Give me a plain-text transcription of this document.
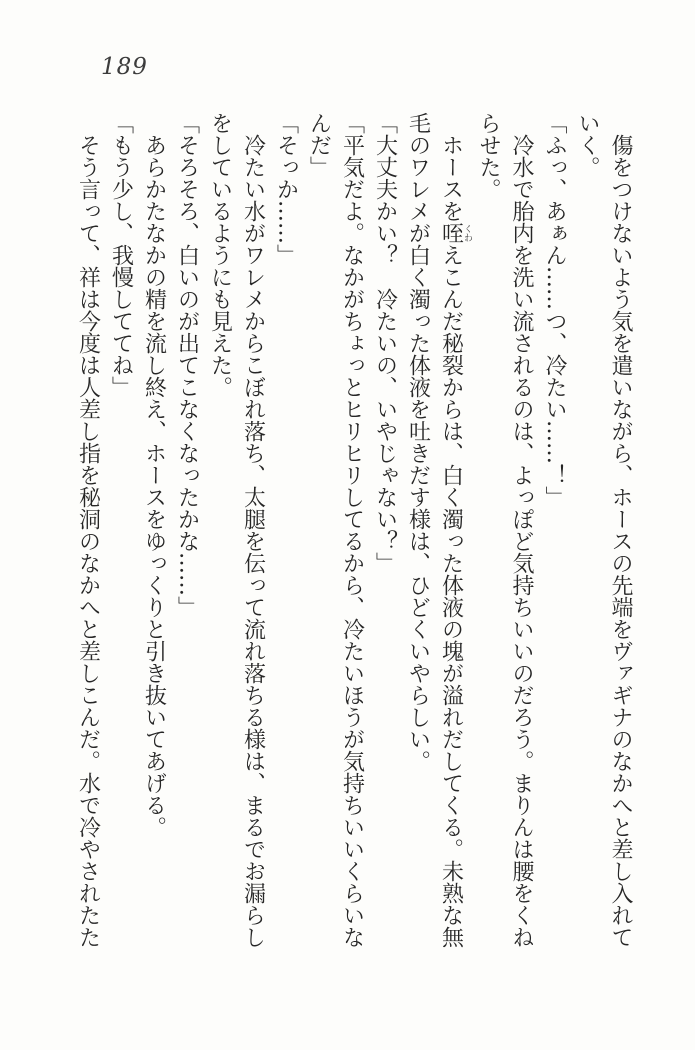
189

　傷をつけないよう気を遣いながら、ホースの先端をヴァギナのなかへと差し入れて

いく。

「ふっ、あぁん……つ、冷たい……！」

　冷水で胎内を洗い流されるのは、よっぽど気持ちいいのだろう。まりんは腰をくね

らせた。

　ホースを咥くわえこんだ秘裂からは、白く濁った体液の塊が溢れだしてくる。未熟な無

毛のワレメが白く濁った体液を吐きだす様は、ひどくいやらしい。

「大丈夫かい？　冷たいの、いやじゃない？」

「平気だよ。なかがちょっとヒリヒリしてるから、冷たいほうが気持ちいいくらいな

んだ」

「そっか……」

　冷たい水がワレメからこぼれ落ち、太腿を伝って流れ落ちる様は、まるでお漏らし

をしているようにも見えた。

「そろそろ、白いのが出てこなくなったかな……」

　あらかたなかの精を流し終え、ホースをゆっくりと引き抜いてあげる。

「もう少し、我慢しててね」

　そう言って、祥は今度は人差し指を秘洞のなかへと差しこんだ。水で冷やされたた
